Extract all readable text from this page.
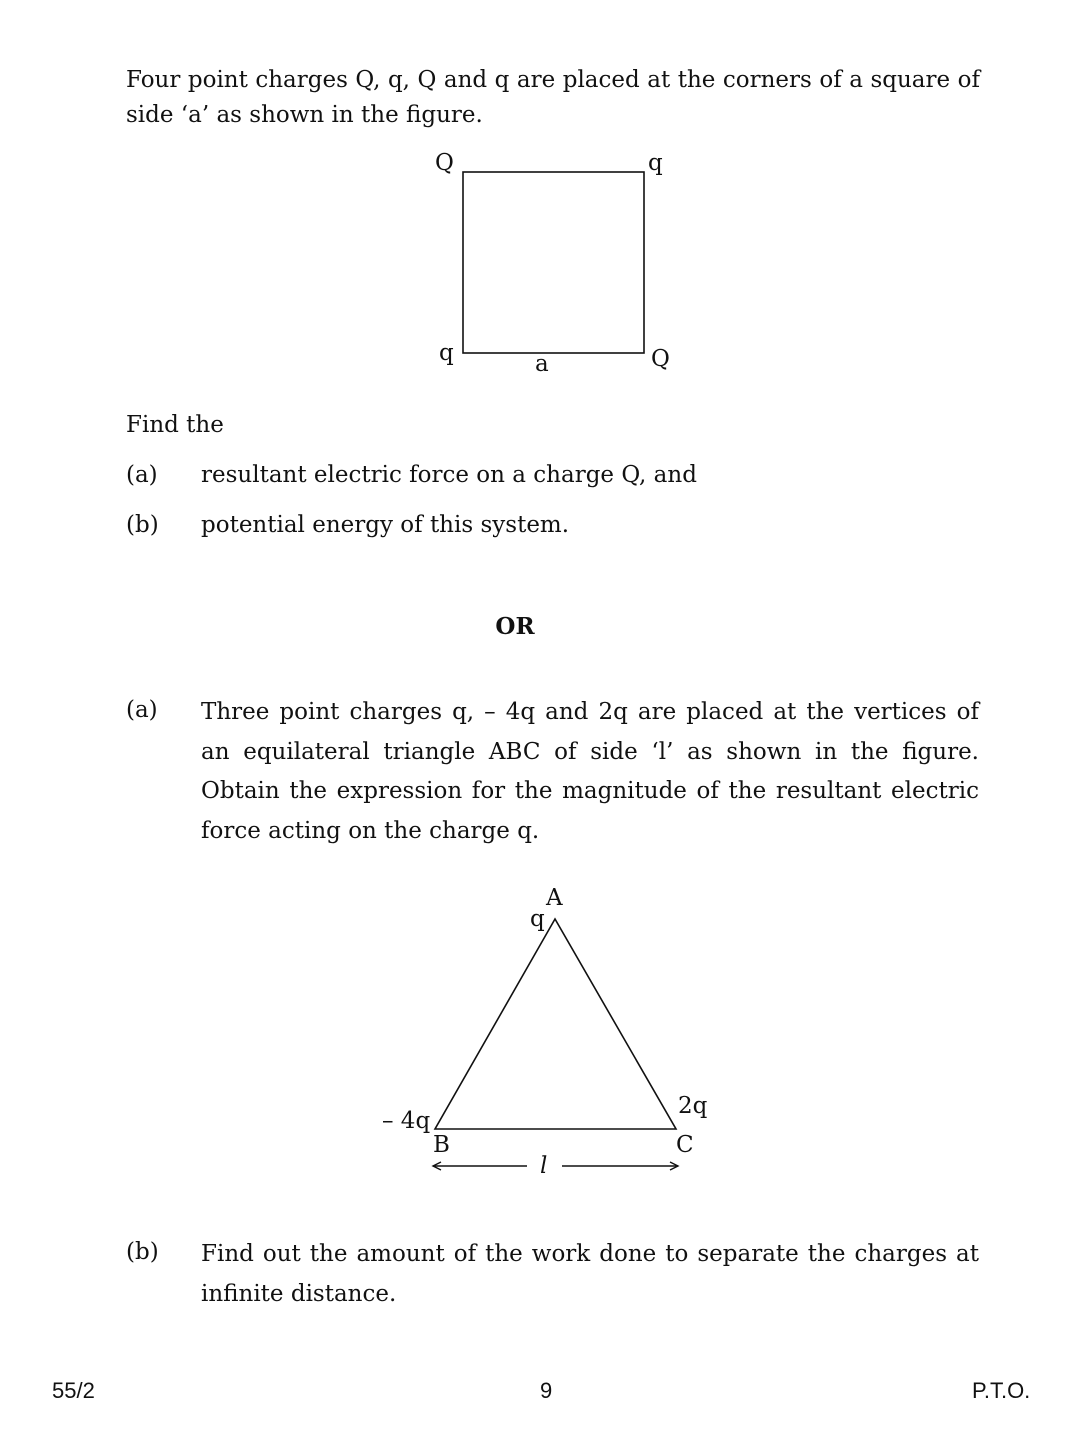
Four point charges Q, q, Q and q are placed at the corners of a square of side ‘a’ as shown in the figure.
Q	q
q	Q
a
A
q
– 4q
B
2q
C
l
Find the
(a) resultant electric force on a charge Q, and
(b) potential energy of this system.
OR
(a) Three point charges q, – 4q and 2q are placed at the vertices of an equilateral triangle ABC of side ‘l’ as shown in the figure. Obtain the expression for the magnitude of the resultant electric force acting on the charge q.
(b) Find out the amount of the work done to separate the charges at infinite distance.
55/2	9	P.T.O.
